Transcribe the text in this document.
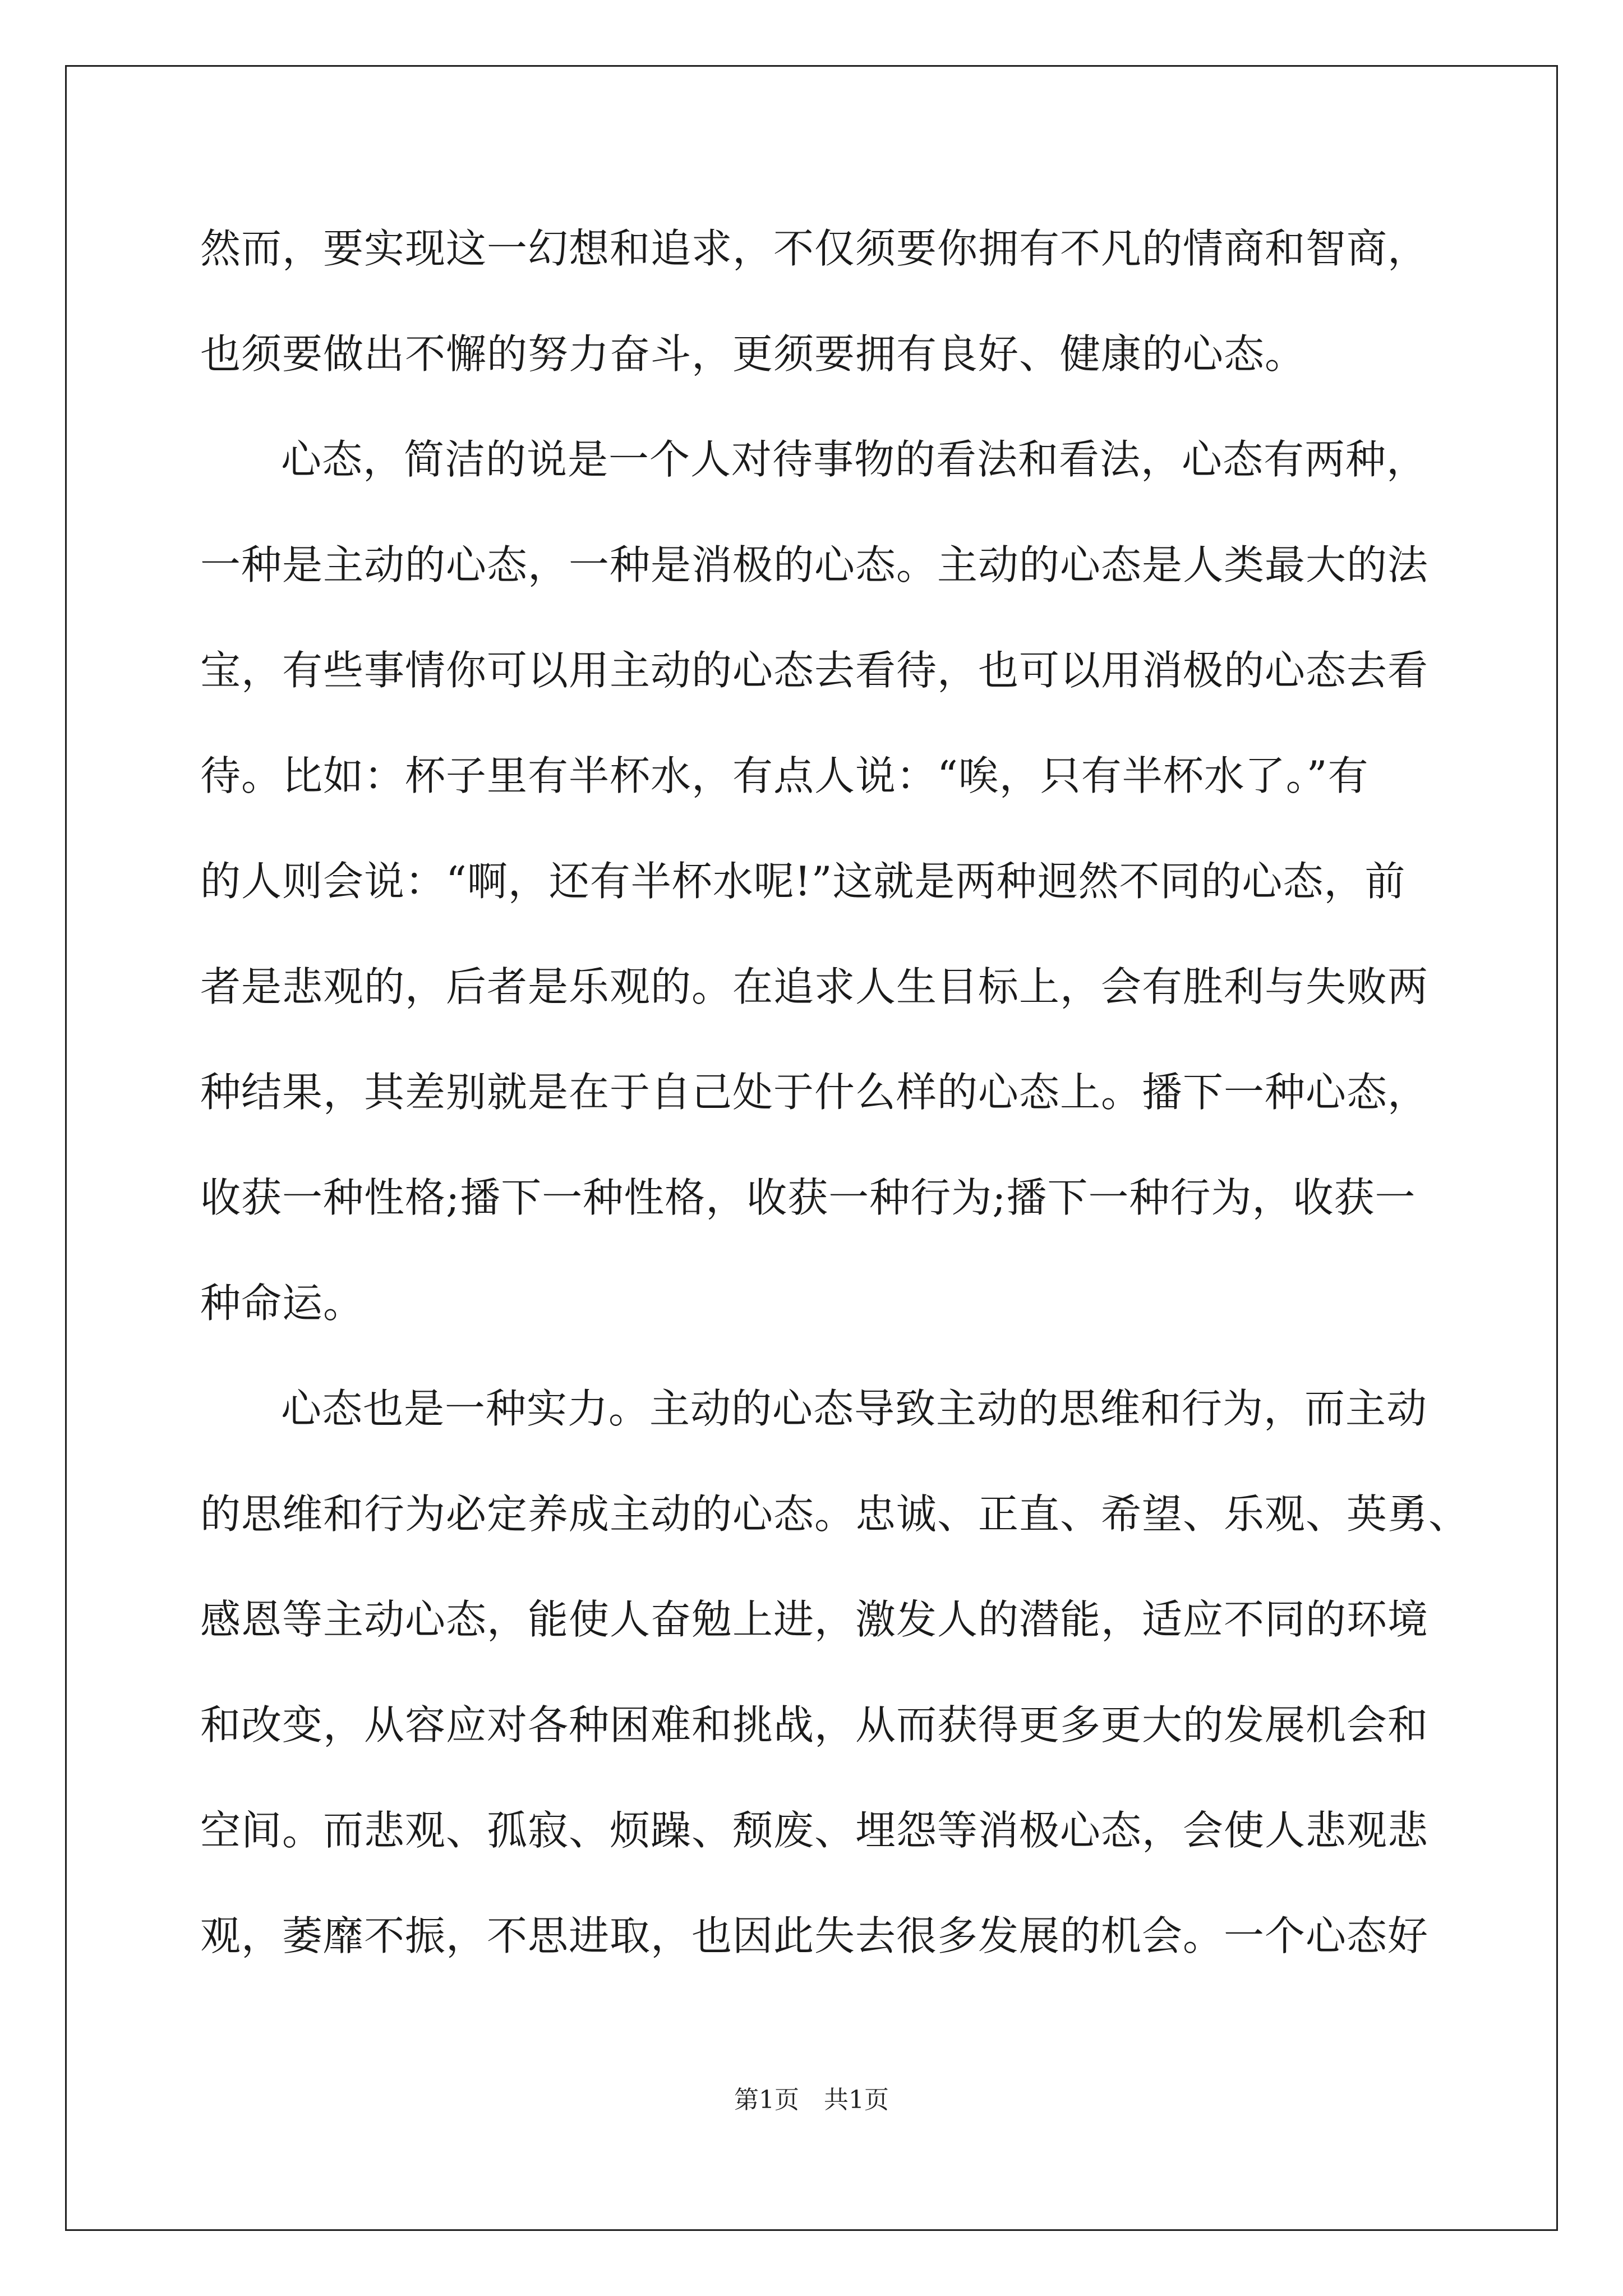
然而，要实现这一幻想和追求，不仅须要你拥有不凡的情商和智商，
也须要做出不懈的努力奋斗，更须要拥有良好、健康的心态。
心态，简洁的说是一个人对待事物的看法和看法，心态有两种，
一种是主动的心态，一种是消极的心态。主动的心态是人类最大的法
宝，有些事情你可以用主动的心态去看待，也可以用消极的心态去看
待。比如：杯子里有半杯水，有点人说：“唉，只有半杯水了。”有
的人则会说：“啊，还有半杯水呢!”这就是两种迥然不同的心态，前
者是悲观的，后者是乐观的。在追求人生目标上，会有胜利与失败两
种结果，其差别就是在于自己处于什么样的心态上。播下一种心态，
收获一种性格;播下一种性格，收获一种行为;播下一种行为，收获一
种命运。
心态也是一种实力。主动的心态导致主动的思维和行为，而主动
的思维和行为必定养成主动的心态。忠诚、正直、希望、乐观、英勇、
感恩等主动心态，能使人奋勉上进，激发人的潜能，适应不同的环境
和改变，从容应对各种困难和挑战，从而获得更多更大的发展机会和
空间。而悲观、孤寂、烦躁、颓废、埋怨等消极心态，会使人悲观悲
观，萎靡不振，不思进取，也因此失去很多发展的机会。一个心态好
第1页 共1页
